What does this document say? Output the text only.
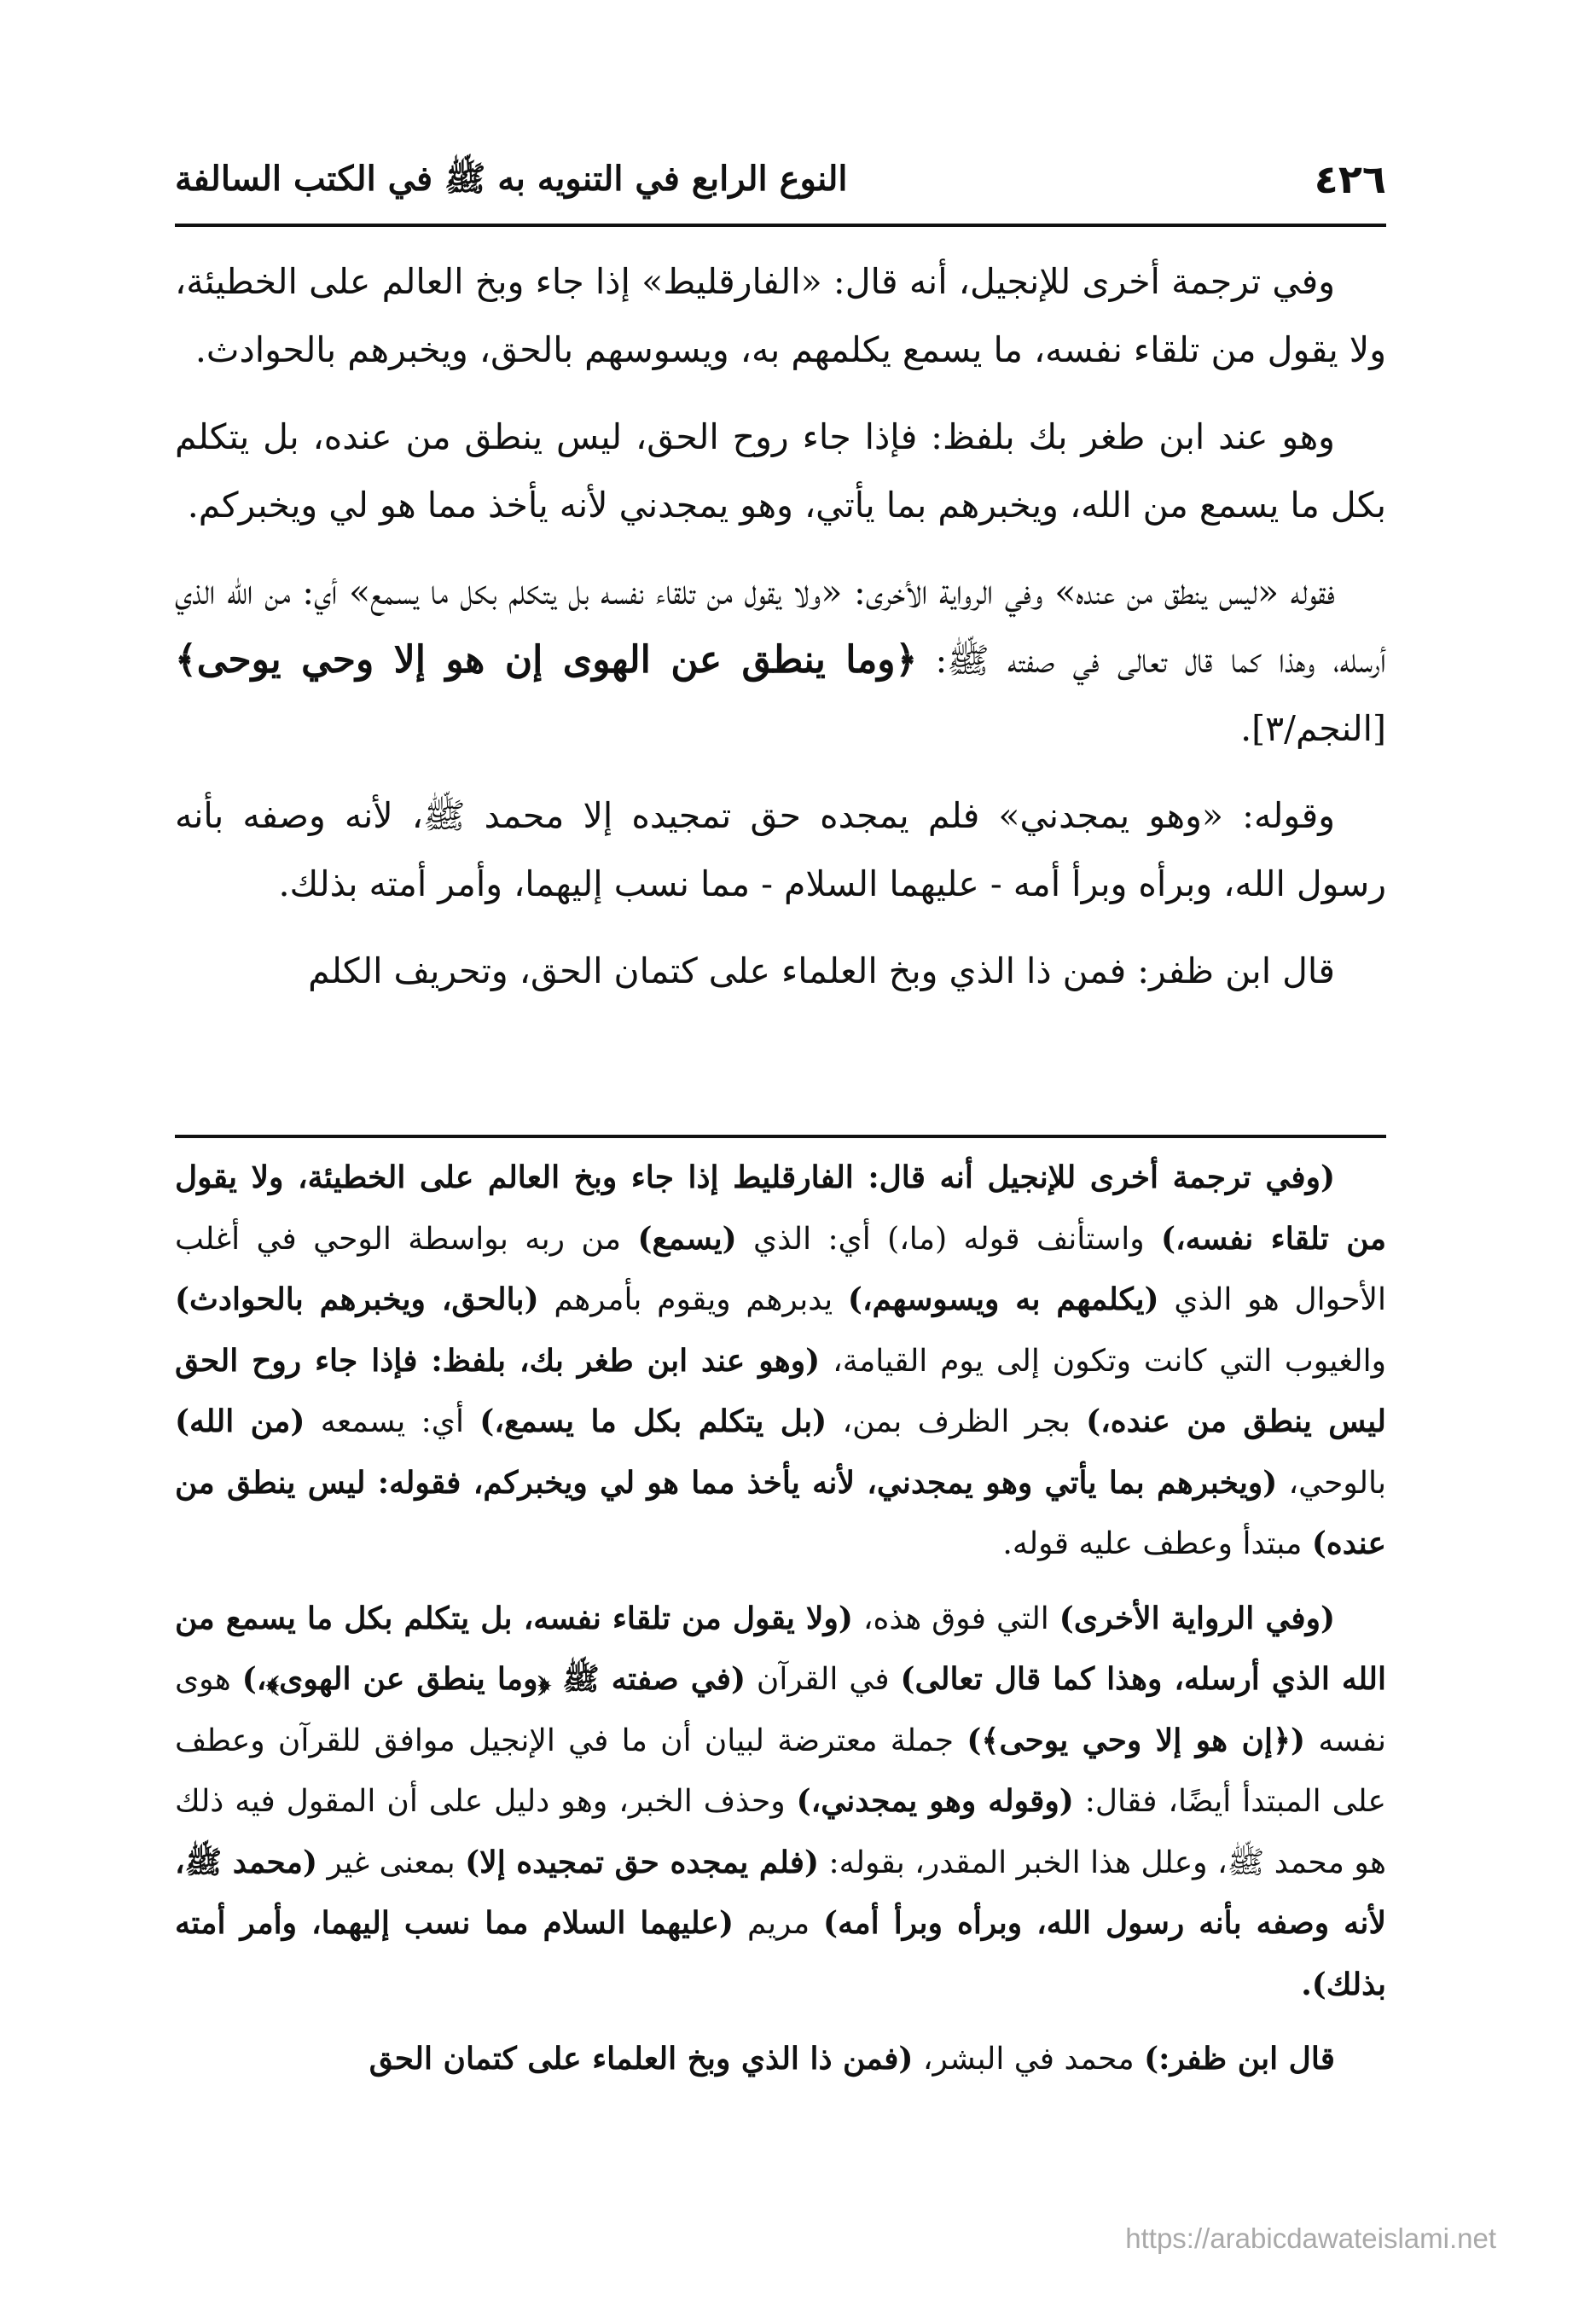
٤٢٦
النوع الرابع في التنويه به ﷺ في الكتب السالفة

وفي ترجمة أخرى للإنجيل، أنه قال: «الفارقليط» إذا جاء وبخ العالم على الخطيئة، ولا يقول من تلقاء نفسه، ما يسمع يكلمهم به، ويسوسهم بالحق، ويخبرهم بالحوادث.

وهو عند ابن طغر بك بلفظ: فإذا جاء روح الحق، ليس ينطق من عنده، بل يتكلم بكل ما يسمع من الله، ويخبرهم بما يأتي، وهو يمجدني لأنه يأخذ مما هو لي ويخبركم.

فقوله «ليس ينطق من عنده» وفي الرواية الأخرى: «ولا يقول من تلقاء نفسه بل يتكلم بكل ما يسمع» أي: من الله الذي أرسله، وهذا كما قال تعالى في صفته ﷺ: ﴿وما ينطق عن الهوى إن هو إلا وحي يوحى﴾ [النجم/٣].

وقوله: «وهو يمجدني» فلم يمجده حق تمجيده إلا محمد ﷺ، لأنه وصفه بأنه رسول الله، وبرأه وبرأ أمه - عليهما السلام - مما نسب إليهما، وأمر أمته بذلك.

قال ابن ظفر: فمن ذا الذي وبخ العلماء على كتمان الحق، وتحريف الكلم

(وفي ترجمة أخرى للإنجيل أنه قال: الفارقليط إذا جاء وبخ العالم على الخطيئة، ولا يقول من تلقاء نفسه،) واستأنف قوله (ما،) أي: الذي (يسمع) من ربه بواسطة الوحي في أغلب الأحوال هو الذي (يكلمهم به ويسوسهم،) يدبرهم ويقوم بأمرهم (بالحق، ويخبرهم بالحوادث) والغيوب التي كانت وتكون إلى يوم القيامة، (وهو عند ابن طغر بك، بلفظ: فإذا جاء روح الحق ليس ينطق من عنده،) بجر الظرف بمن، (بل يتكلم بكل ما يسمع،) أي: يسمعه (من الله) بالوحي، (ويخبرهم بما يأتي وهو يمجدني، لأنه يأخذ مما هو لي ويخبركم، فقوله: ليس ينطق من عنده) مبتدأ وعطف عليه قوله.

(وفي الرواية الأخرى) التي فوق هذه، (ولا يقول من تلقاء نفسه، بل يتكلم بكل ما يسمع من الله الذي أرسله، وهذا كما قال تعالى) في القرآن (في صفته ﷺ ﴿وما ينطق عن الهوى﴾،) هوى نفسه (﴿إن هو إلا وحي يوحى﴾) جملة معترضة لبيان أن ما في الإنجيل موافق للقرآن وعطف على المبتدأ أيضًا، فقال: (وقوله وهو يمجدني،) وحذف الخبر، وهو دليل على أن المقول فيه ذلك هو محمد ﷺ، وعلل هذا الخبر المقدر، بقوله: (فلم يمجده حق تمجيده إلا) بمعنى غير (محمد ﷺ، لأنه وصفه بأنه رسول الله، وبرأه وبرأ أمه) مريم (عليهما السلام مما نسب إليهما، وأمر أمته بذلك).

قال ابن ظفر:) محمد في البشر، (فمن ذا الذي وبخ العلماء على كتمان الحق

https://arabicdawateislami.net
